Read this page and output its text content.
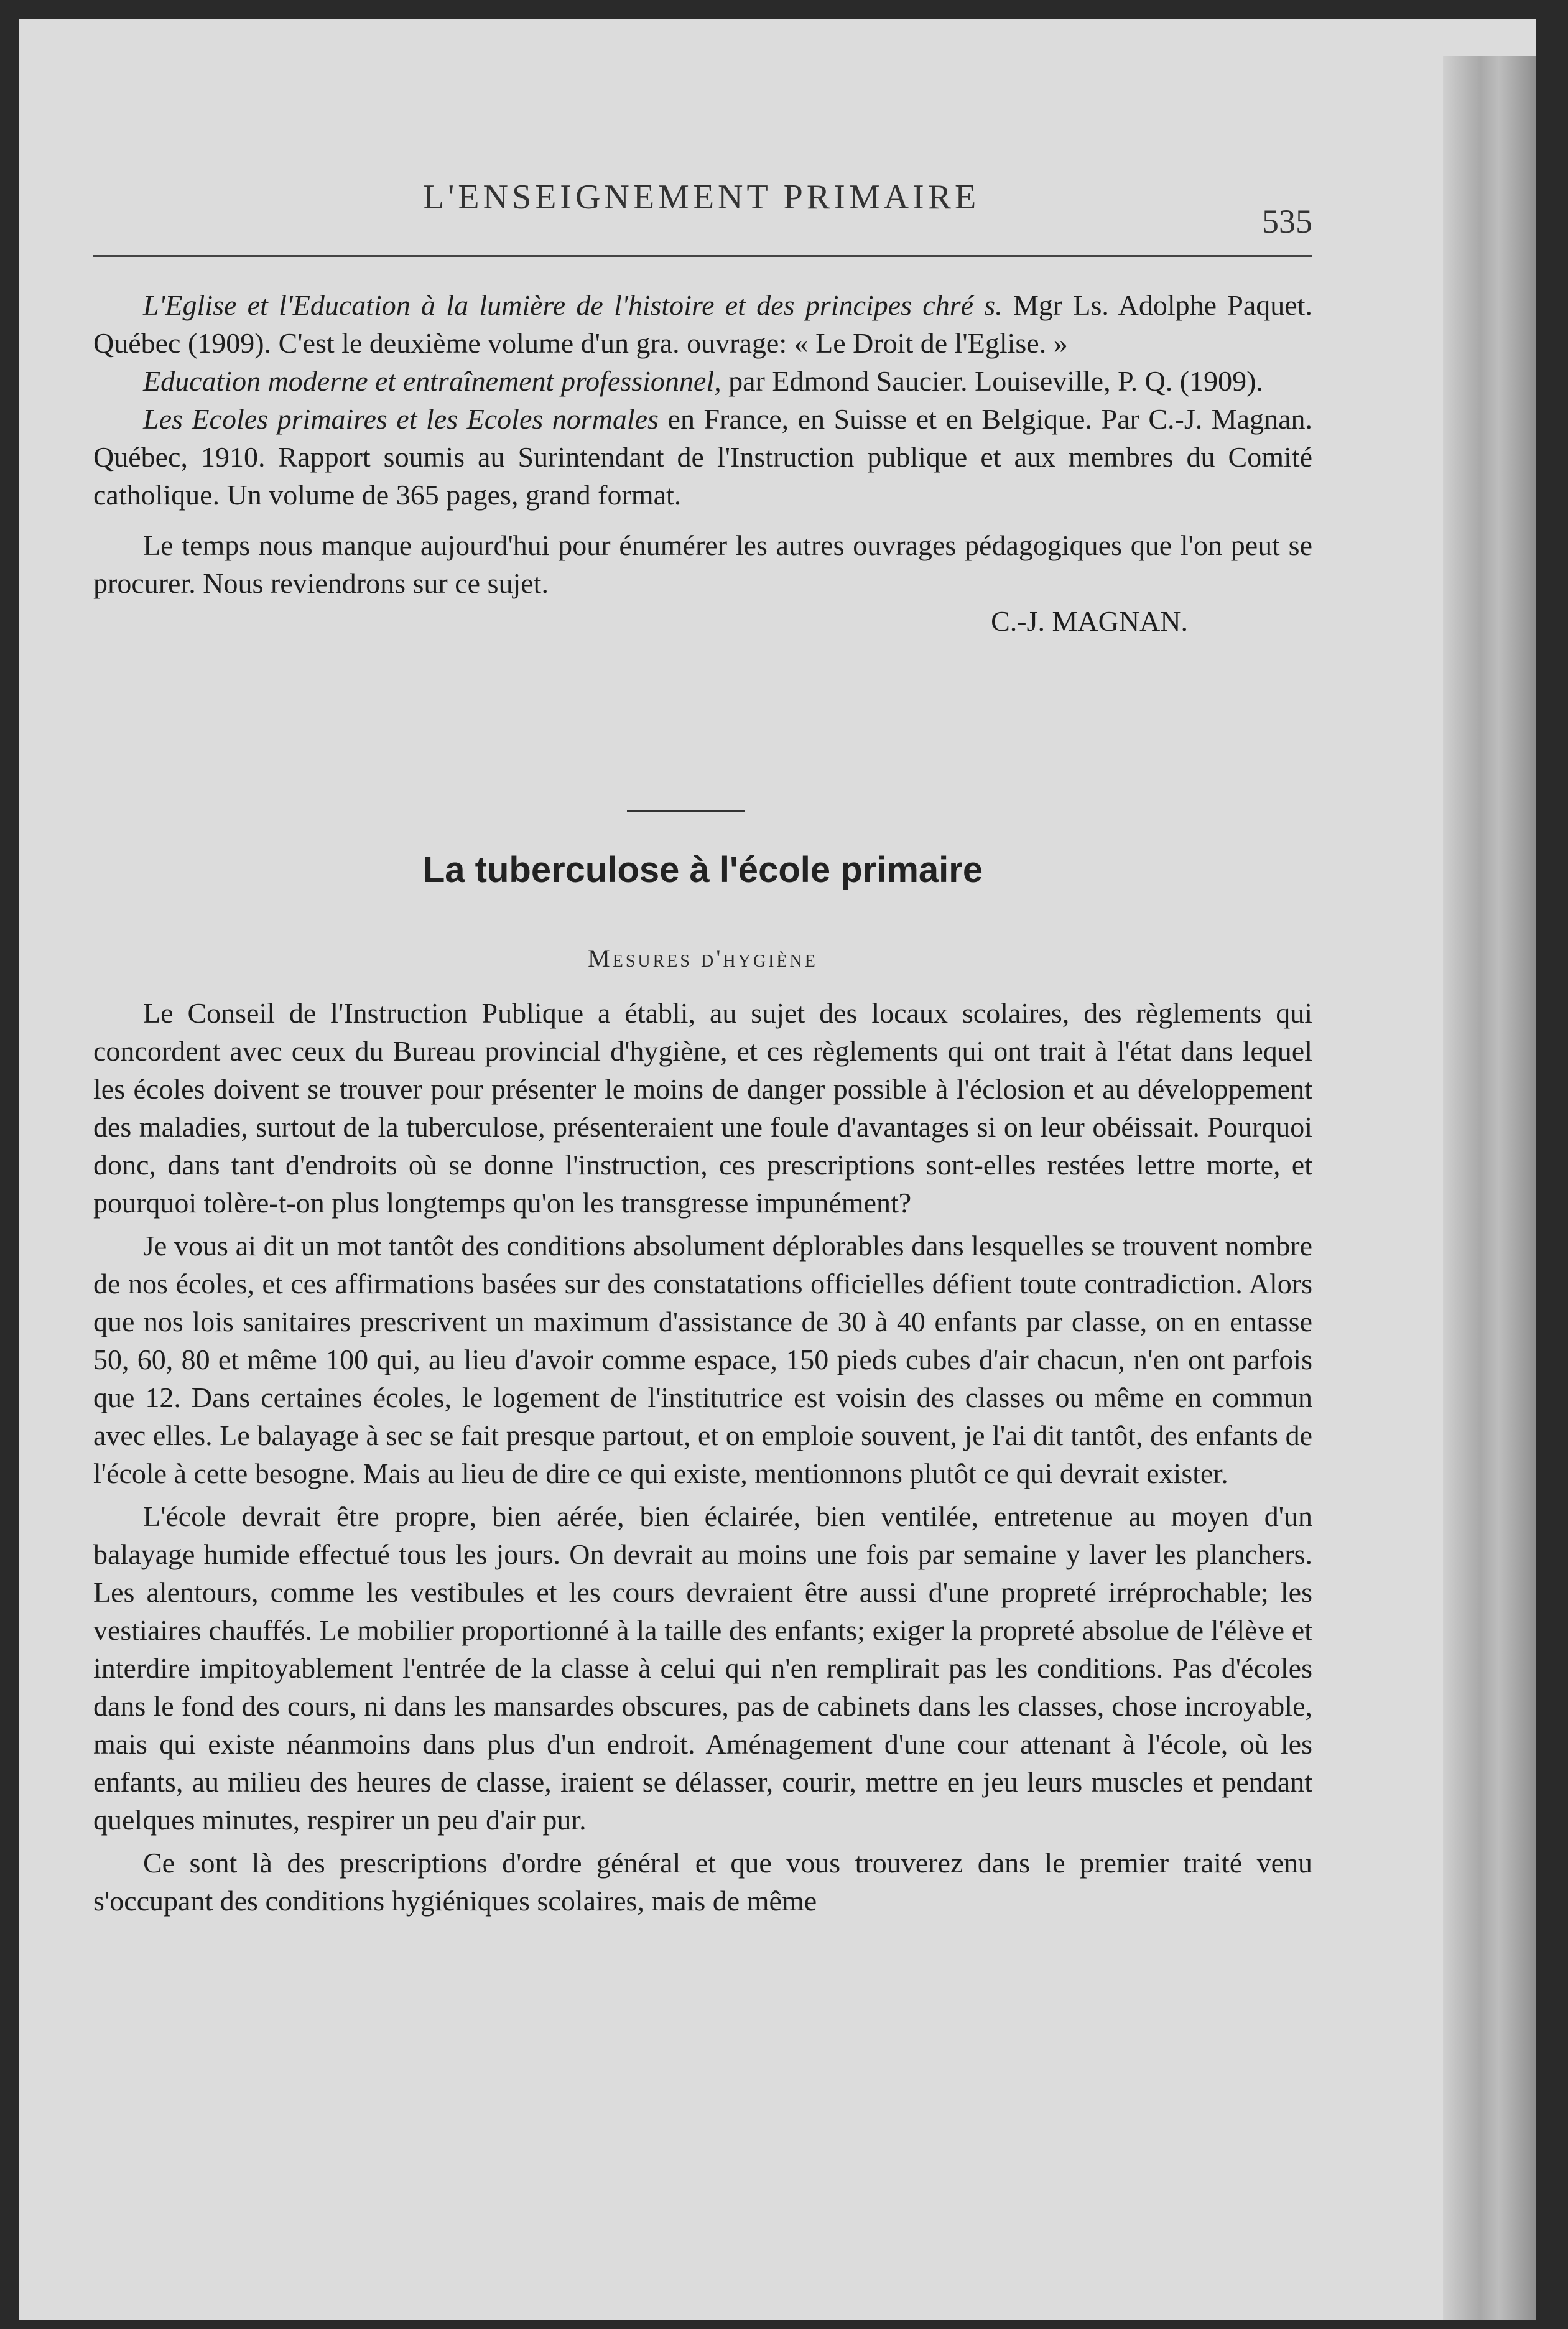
L'ENSEIGNEMENT PRIMAIRE
535

L'Eglise et l'Education à la lumière de l'histoire et des principes chré s. Mgr Ls. Adolphe Paquet. Québec (1909). C'est le deuxième volume d'un gra. ouvrage: « Le Droit de l'Eglise. »

Education moderne et entraînement professionnel, par Edmond Saucier. Louiseville, P. Q. (1909).

Les Ecoles primaires et les Ecoles normales en France, en Suisse et en Belgique. Par C.-J. Magnan. Québec, 1910. Rapport soumis au Surintendant de l'Instruction publique et aux membres du Comité catholique. Un volume de 365 pages, grand format.

Le temps nous manque aujourd'hui pour énumérer les autres ouvrages pédagogiques que l'on peut se procurer. Nous reviendrons sur ce sujet.

C.-J. MAGNAN.

La tuberculose à l'école primaire
Mesures d'hygiène

Le Conseil de l'Instruction Publique a établi, au sujet des locaux scolaires, des règlements qui concordent avec ceux du Bureau provincial d'hygiène, et ces règlements qui ont trait à l'état dans lequel les écoles doivent se trouver pour présenter le moins de danger possible à l'éclosion et au développement des maladies, surtout de la tuberculose, présenteraient une foule d'avantages si on leur obéissait. Pourquoi donc, dans tant d'endroits où se donne l'instruction, ces prescriptions sont-elles restées lettre morte, et pourquoi tolère-t-on plus longtemps qu'on les transgresse impunément?

Je vous ai dit un mot tantôt des conditions absolument déplorables dans lesquelles se trouvent nombre de nos écoles, et ces affirmations basées sur des constatations officielles défient toute contradiction. Alors que nos lois sanitaires prescrivent un maximum d'assistance de 30 à 40 enfants par classe, on en entasse 50, 60, 80 et même 100 qui, au lieu d'avoir comme espace, 150 pieds cubes d'air chacun, n'en ont parfois que 12. Dans certaines écoles, le logement de l'institutrice est voisin des classes ou même en commun avec elles. Le balayage à sec se fait presque partout, et on emploie souvent, je l'ai dit tantôt, des enfants de l'école à cette besogne. Mais au lieu de dire ce qui existe, mentionnons plutôt ce qui devrait exister.

L'école devrait être propre, bien aérée, bien éclairée, bien ventilée, entretenue au moyen d'un balayage humide effectué tous les jours. On devrait au moins une fois par semaine y laver les planchers. Les alentours, comme les vestibules et les cours devraient être aussi d'une propreté irréprochable; les vestiaires chauffés. Le mobilier proportionné à la taille des enfants; exiger la propreté absolue de l'élève et interdire impitoyablement l'entrée de la classe à celui qui n'en remplirait pas les conditions. Pas d'écoles dans le fond des cours, ni dans les mansardes obscures, pas de cabinets dans les classes, chose incroyable, mais qui existe néanmoins dans plus d'un endroit. Aménagement d'une cour attenant à l'école, où les enfants, au milieu des heures de classe, iraient se délasser, courir, mettre en jeu leurs muscles et pendant quelques minutes, respirer un peu d'air pur.

Ce sont là des prescriptions d'ordre général et que vous trouverez dans le premier traité venu s'occupant des conditions hygiéniques scolaires, mais de même
